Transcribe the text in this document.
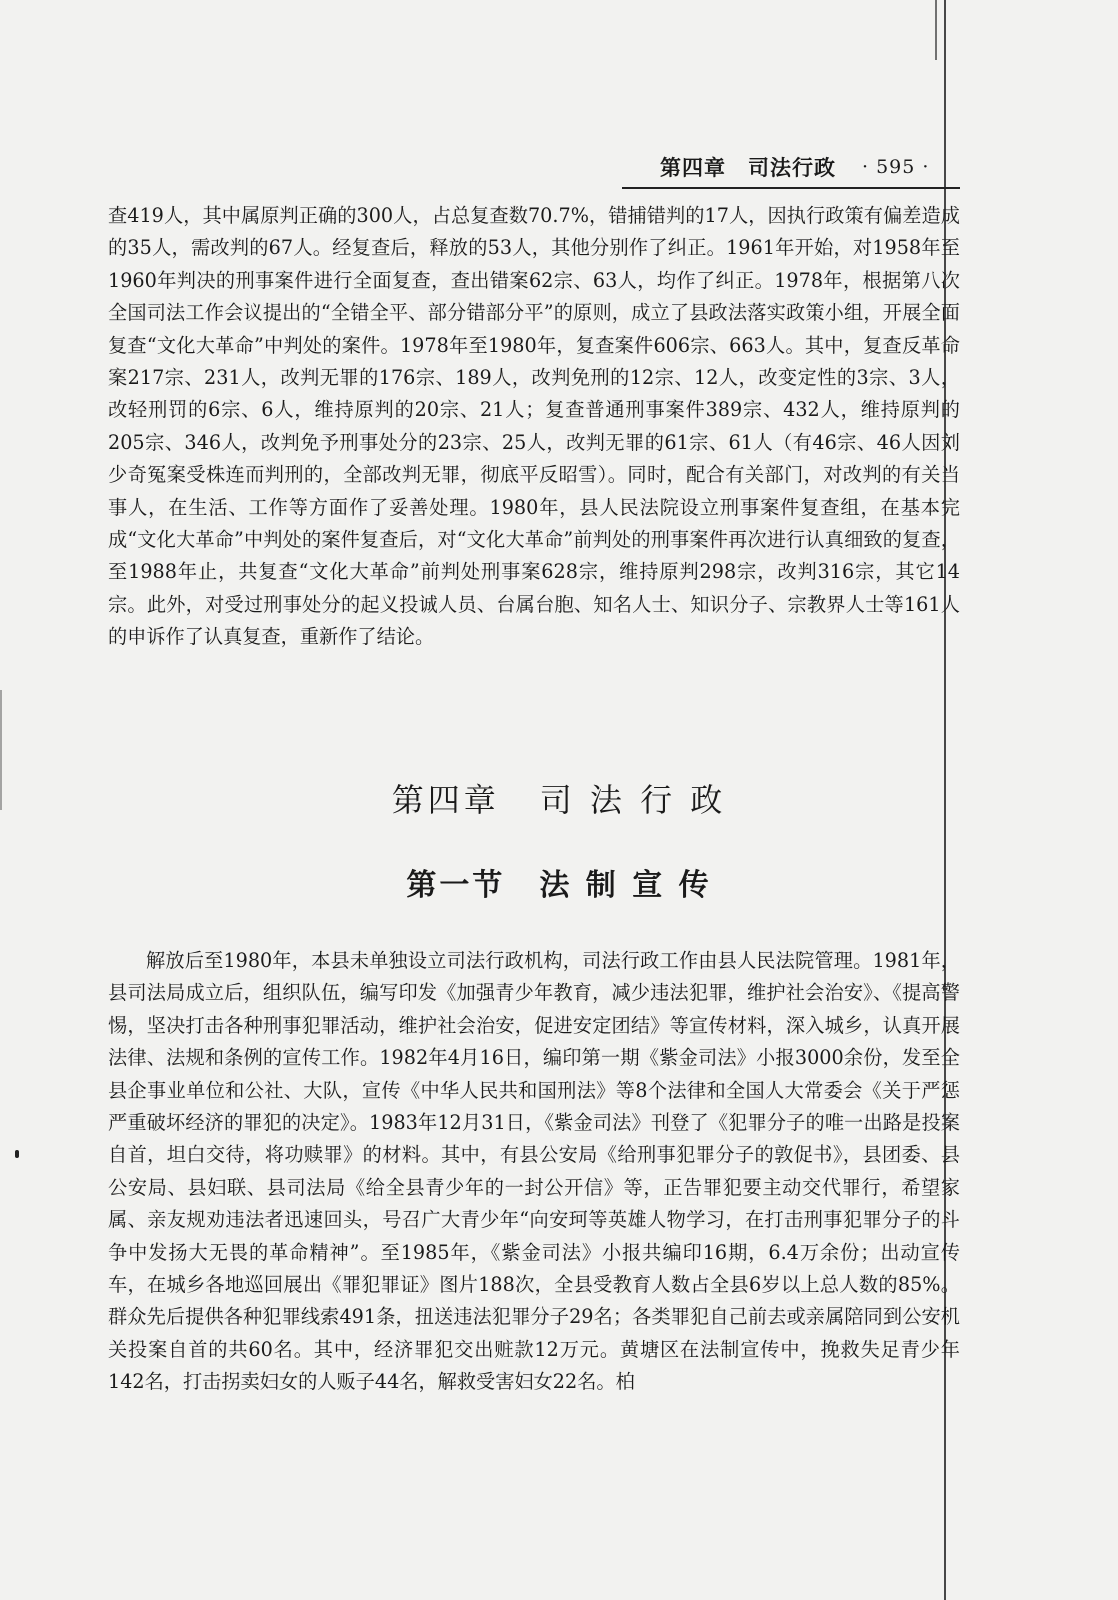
第四章 司法行政 · 595 ·

查419人，其中属原判正确的300人，占总复查数70.7%，错捕错判的17人，因执行政策有偏差造成的35人，需改判的67人。经复查后，释放的53人，其他分别作了纠正。1961年开始，对1958年至1960年判决的刑事案件进行全面复查，查出错案62宗、63人，均作了纠正。1978年，根据第八次全国司法工作会议提出的“全错全平、部分错部分平”的原则，成立了县政法落实政策小组，开展全面复查“文化大革命”中判处的案件。1978年至1980年，复查案件606宗、663人。其中，复查反革命案217宗、231人，改判无罪的176宗、189人，改判免刑的12宗、12人，改变定性的3宗、3人，改轻刑罚的6宗、6人，维持原判的20宗、21人；复查普通刑事案件389宗、432人，维持原判的205宗、346人，改判免予刑事处分的23宗、25人，改判无罪的61宗、61人（有46宗、46人因刘少奇冤案受株连而判刑的，全部改判无罪，彻底平反昭雪）。同时，配合有关部门，对改判的有关当事人，在生活、工作等方面作了妥善处理。1980年，县人民法院设立刑事案件复查组，在基本完成“文化大革命”中判处的案件复查后，对“文化大革命”前判处的刑事案件再次进行认真细致的复查，至1988年止，共复查“文化大革命”前判处刑事案628宗，维持原判298宗，改判316宗，其它14宗。此外，对受过刑事处分的起义投诚人员、台属台胞、知名人士、知识分子、宗教界人士等161人的申诉作了认真复查，重新作了结论。

第四章 司 法 行 政
第一节 法 制 宣 传

解放后至1980年，本县未单独设立司法行政机构，司法行政工作由县人民法院管理。1981年，县司法局成立后，组织队伍，编写印发《加强青少年教育，减少违法犯罪，维护社会治安》、《提高警惕，坚决打击各种刑事犯罪活动，维护社会治安，促进安定团结》等宣传材料，深入城乡，认真开展法律、法规和条例的宣传工作。1982年4月16日，编印第一期《紫金司法》小报3000余份，发至全县企事业单位和公社、大队，宣传《中华人民共和国刑法》等8个法律和全国人大常委会《关于严惩严重破坏经济的罪犯的决定》。1983年12月31日，《紫金司法》刊登了《犯罪分子的唯一出路是投案自首，坦白交待，将功赎罪》的材料。其中，有县公安局《给刑事犯罪分子的敦促书》，县团委、县公安局、县妇联、县司法局《给全县青少年的一封公开信》等，正告罪犯要主动交代罪行，希望家属、亲友规劝违法者迅速回头，号召广大青少年“向安珂等英雄人物学习，在打击刑事犯罪分子的斗争中发扬大无畏的革命精神”。至1985年，《紫金司法》小报共编印16期，6.4万余份；出动宣传车，在城乡各地巡回展出《罪犯罪证》图片188次，全县受教育人数占全县6岁以上总人数的85%。群众先后提供各种犯罪线索491条，扭送违法犯罪分子29名；各类罪犯自己前去或亲属陪同到公安机关投案自首的共60名。其中，经济罪犯交出赃款12万元。黄塘区在法制宣传中，挽救失足青少年142名，打击拐卖妇女的人贩子44名，解救受害妇女22名。柏
